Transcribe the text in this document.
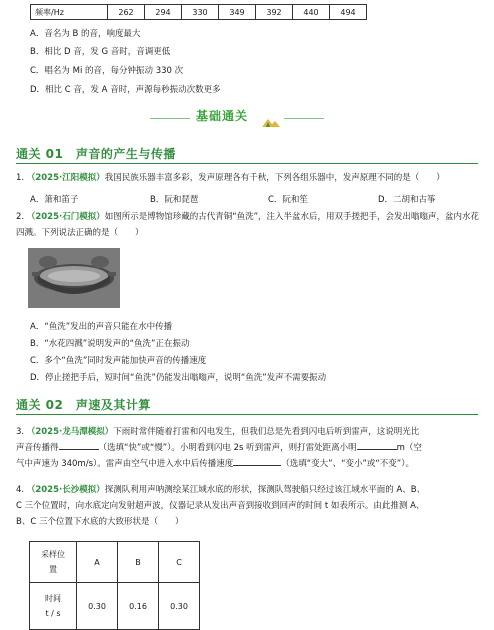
频率/Hz	262	294	330	349	392	440	494
A．音名为 B 的音，响度最大
B．相比 D 音，发 G 音时，音调更低
C．唱名为 Mi 的音，每分钟振动 330 次
D．相比 C 音，发 A 音时，声源每秒振动次数更多
基础通关
通关 01　声音的产生与传播
1. （2025·江阳模拟）我国民族乐器丰富多彩，发声原理各有千秋，下列各组乐器中，发声原理不同的是（　　）
A．箫和笛子	B．阮和琵琶	C．阮和笙	D．二胡和古筝
2. （2025·石门模拟）如图所示是博物馆珍藏的古代青铜“鱼洗”，注入半盆水后，用双手搓把手，会发出嗡嗡声，盆内水花四溅。下列说法正确的是（　　）
A．“鱼洗”发出的声音只能在水中传播
B．“水花四溅”说明发声的“鱼洗”正在振动
C．多个“鱼洗”同时发声能加快声音的传播速度
D．停止搓把手后，短时间“鱼洗”仍能发出嗡嗡声，说明“鱼洗”发声不需要振动
通关 02　声速及其计算
3. （2025·龙马潭模拟）下雨时常伴随着打雷和闪电发生，但我们总是先看到闪电后听到雷声，这说明光比
声音传播得	（选填“快”或“慢”）。小明看到闪电 2s 听到雷声，则打雷处距离小明	m（空
气中声速为 340m/s）。雷声由空气中进入水中后传播速度	（选填“变大”、“变小”或“不变”）。
4. （2025·长沙模拟）探测队利用声呐测绘某江域水底的形状，探测队驾驶船只经过该江域水平面的 A、B、
C 三个位置时，向水底定向发射超声波，仪器记录从发出声音到接收到回声的时间 t 如表所示。由此推测 A、
B、C 三个位置下水底的大致形状是（　　）
采样位
置	A	B	C

时间
t / s	0.30	0.16	0.30
